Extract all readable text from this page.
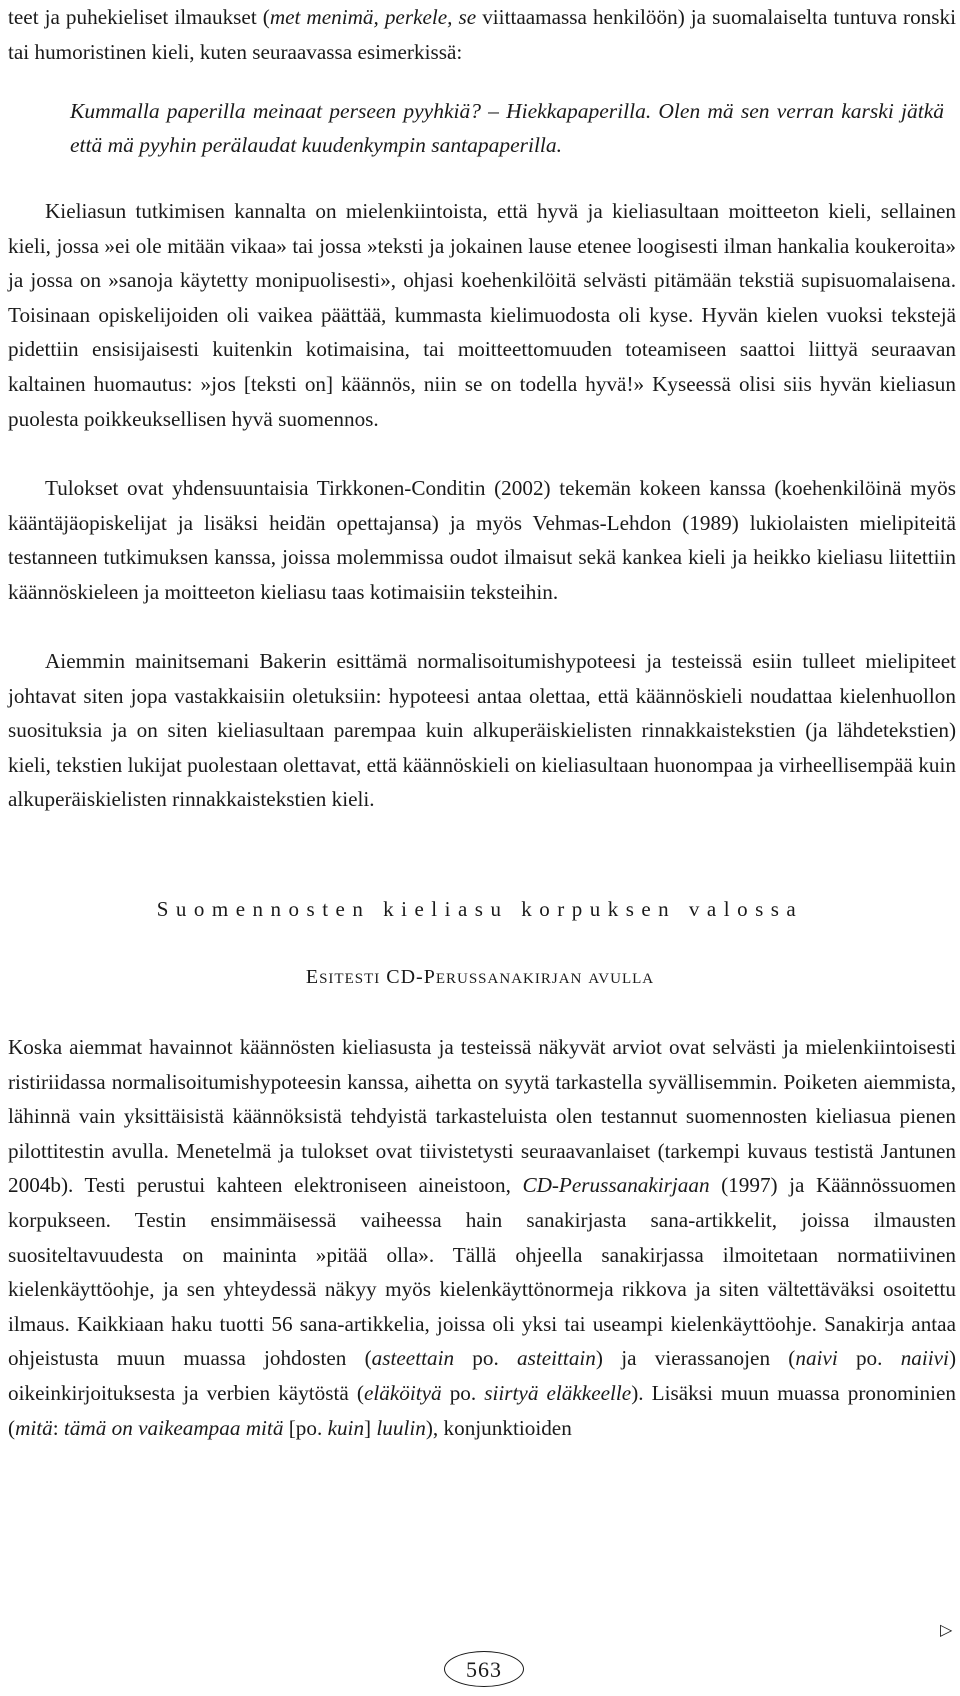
teet ja puhekieliset ilmaukset (met menimä, perkele, se viittaamassa henkilöön) ja suomalaiselta tuntuva ronski tai humoristinen kieli, kuten seuraavassa esimerkissä:

Kummalla paperilla meinaat perseen pyyhkiä? – Hiekkapaperilla. Olen mä sen verran karski jätkä että mä pyyhin perälaudat kuudenkympin santapaperilla.

Kieliasun tutkimisen kannalta on mielenkiintoista, että hyvä ja kieliasultaan moitteeton kieli, sellainen kieli, jossa »ei ole mitään vikaa» tai jossa »teksti ja jokainen lause etenee loogisesti ilman hankalia koukeroita» ja jossa on »sanoja käytetty monipuolisesti», ohjasi koehenkilöitä selvästi pitämään tekstiä supisuomalaisena. Toisinaan opiskelijoiden oli vaikea päättää, kummasta kielimuodosta oli kyse. Hyvän kielen vuoksi tekstejä pidettiin ensisijaisesti kuitenkin kotimaisina, tai moitteettomuuden toteamiseen saattoi liittyä seuraavan kaltainen huomautus: »jos [teksti on] käännös, niin se on todella hyvä!» Kyseessä olisi siis hyvän kieliasun puolesta poikkeuksellisen hyvä suomennos.

Tulokset ovat yhdensuuntaisia Tirkkonen-Conditin (2002) tekemän kokeen kanssa (koehenkilöinä myös kääntäjäopiskelijat ja lisäksi heidän opettajansa) ja myös Vehmas-Lehdon (1989) lukiolaisten mielipiteitä testanneen tutkimuksen kanssa, joissa molemmissa oudot ilmaisut sekä kankea kieli ja heikko kieliasu liitettiin käännöskieleen ja moitteeton kieliasu taas kotimaisiin teksteihin.

Aiemmin mainitsemani Bakerin esittämä normalisoitumishypoteesi ja testeissä esiin tulleet mielipiteet johtavat siten jopa vastakkaisiin oletuksiin: hypoteesi antaa olettaa, että käännöskieli noudattaa kielenhuollon suosituksia ja on siten kieliasultaan parempaa kuin alkuperäiskielisten rinnakkaistekstien (ja lähdetekstien) kieli, tekstien lukijat puolestaan olettavat, että käännöskieli on kieliasultaan huonompaa ja virheellisempää kuin alkuperäiskielisten rinnakkaistekstien kieli.

Suomennosten kieliasu korpuksen valossa
ESITESTI CD-PERUSSANAKIRJAN AVULLA

Koska aiemmat havainnot käännösten kieliasusta ja testeissä näkyvät arviot ovat selvästi ja mielenkiintoisesti ristiriidassa normalisoitumishypoteesin kanssa, aihetta on syytä tarkastella syvällisemmin. Poiketen aiemmista, lähinnä vain yksittäisistä käännöksistä tehdyistä tarkasteluista olen testannut suomennosten kieliasua pienen pilottitestin avulla. Menetelmä ja tulokset ovat tiivistetysti seuraavanlaiset (tarkempi kuvaus testistä Jantunen 2004b). Testi perustui kahteen elektroniseen aineistoon, CD-Perussanakirjaan (1997) ja Käännössuomen korpukseen. Testin ensimmäisessä vaiheessa hain sanakirjasta sana-artikkelit, joissa ilmausten suositeltavuudesta on maininta »pitää olla». Tällä ohjeella sanakirjassa ilmoitetaan normatiivinen kielenkäyttöohje, ja sen yhteydessä näkyy myös kielenkäyttönormeja rikkova ja siten vältettäväksi osoitettu ilmaus. Kaikkiaan haku tuotti 56 sana-artikkelia, joissa oli yksi tai useampi kielenkäyttöohje. Sanakirja antaa ohjeistusta muun muassa johdosten (asteettain po. asteittain) ja vierassanojen (naivi po. naiivi) oikeinkirjoituksesta ja verbien käytöstä (eläköityä po. siirtyä eläkkeelle). Lisäksi muun muassa pronominien (mitä: tämä on vaikeampaa mitä [po. kuin] luulin), konjunktioiden

▷
563
